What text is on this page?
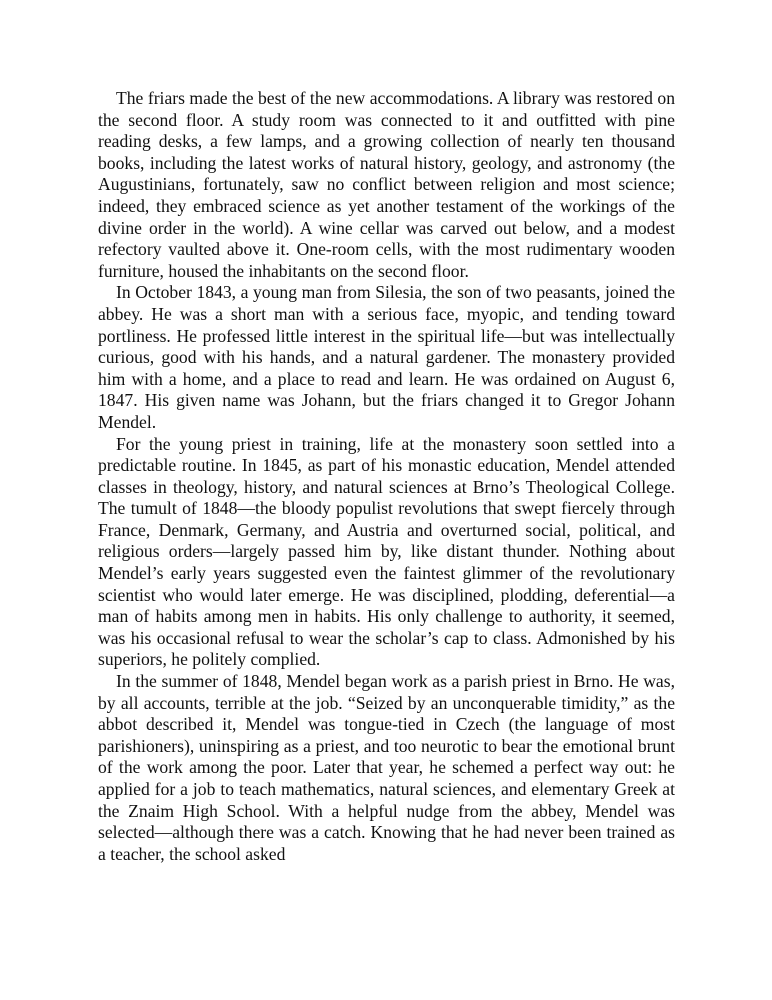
The friars made the best of the new accommodations. A library was restored on the second floor. A study room was connected to it and outfitted with pine reading desks, a few lamps, and a growing collection of nearly ten thousand books, including the latest works of natural history, geology, and astronomy (the Augustinians, fortunately, saw no conflict between religion and most science; indeed, they embraced science as yet another testament of the workings of the divine order in the world). A wine cellar was carved out below, and a modest refectory vaulted above it. One-room cells, with the most rudimentary wooden furniture, housed the inhabitants on the second floor.

In October 1843, a young man from Silesia, the son of two peasants, joined the abbey. He was a short man with a serious face, myopic, and tending toward portliness. He professed little interest in the spiritual life—but was intellectually curious, good with his hands, and a natural gardener. The monastery provided him with a home, and a place to read and learn. He was ordained on August 6, 1847. His given name was Johann, but the friars changed it to Gregor Johann Mendel.

For the young priest in training, life at the monastery soon settled into a predictable routine. In 1845, as part of his monastic education, Mendel attended classes in theology, history, and natural sciences at Brno’s Theological College. The tumult of 1848—the bloody populist revolutions that swept fiercely through France, Denmark, Germany, and Austria and overturned social, political, and religious orders—largely passed him by, like distant thunder. Nothing about Mendel’s early years suggested even the faintest glimmer of the revolutionary scientist who would later emerge. He was disciplined, plodding, deferential—a man of habits among men in habits. His only challenge to authority, it seemed, was his occasional refusal to wear the scholar’s cap to class. Admonished by his superiors, he politely complied.

In the summer of 1848, Mendel began work as a parish priest in Brno. He was, by all accounts, terrible at the job. “Seized by an unconquerable timidity,” as the abbot described it, Mendel was tongue-tied in Czech (the language of most parishioners), uninspiring as a priest, and too neurotic to bear the emotional brunt of the work among the poor. Later that year, he schemed a perfect way out: he applied for a job to teach mathematics, natural sciences, and elementary Greek at the Znaim High School. With a helpful nudge from the abbey, Mendel was selected—although there was a catch. Knowing that he had never been trained as a teacher, the school asked
